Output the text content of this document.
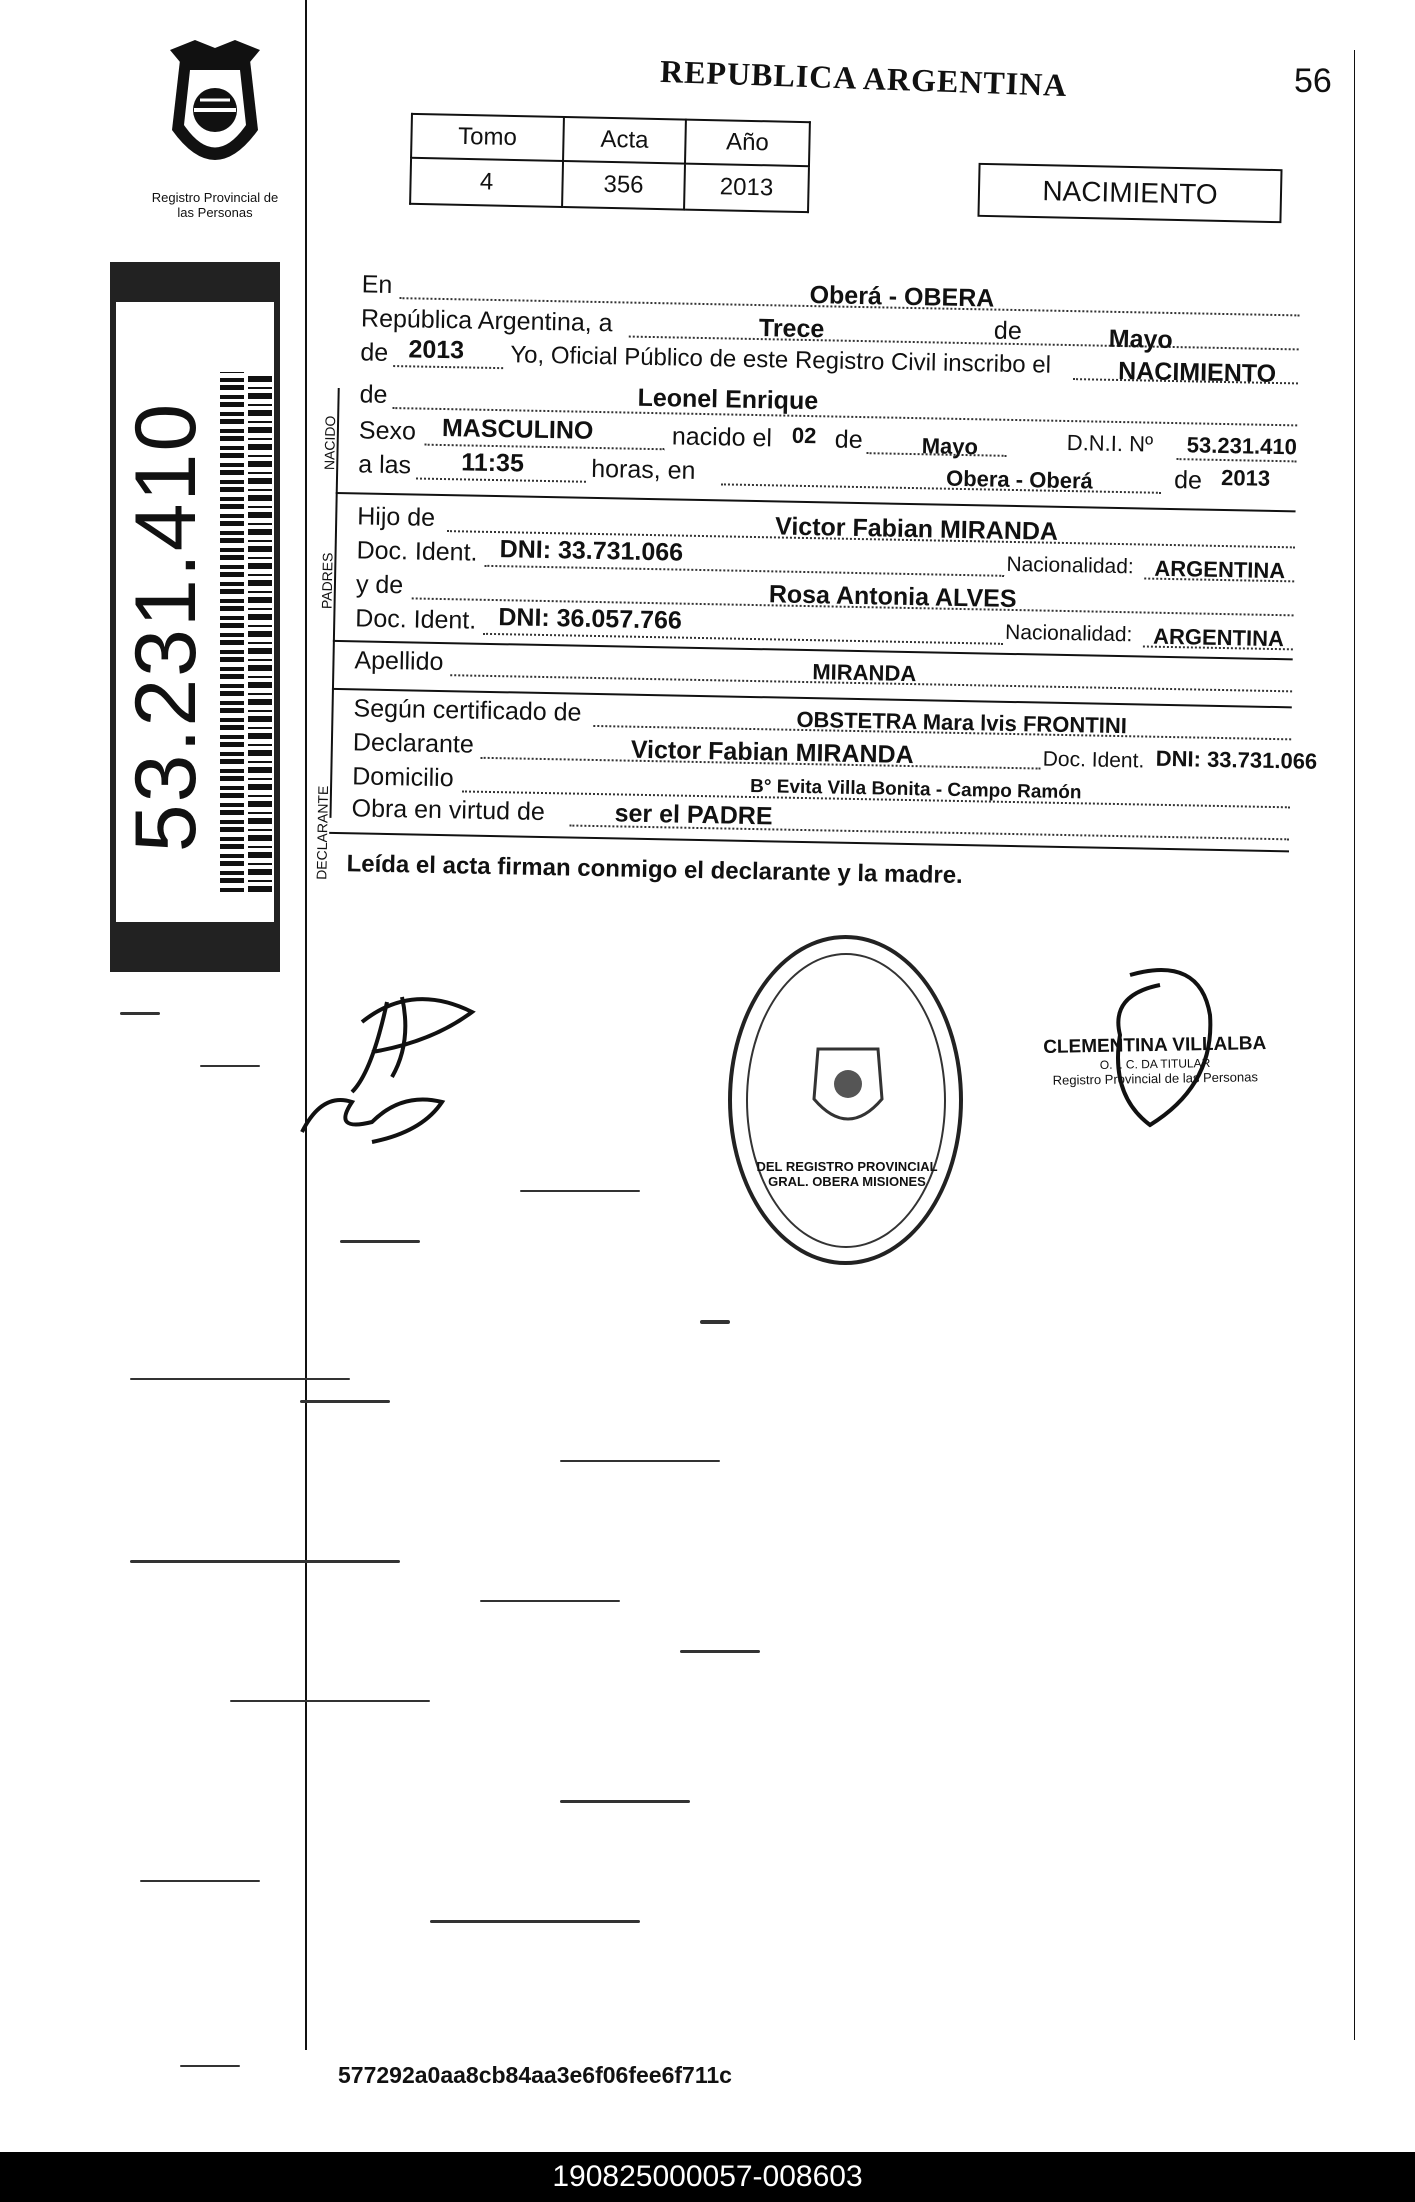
56
REPUBLICA ARGENTINA
Registro Provincial de las Personas
53.231.410
Tomo	Acta	Año
4	356	2013	NACIMIENTO
NACIDO
PADRES
DECLARANTE
En	Oberá - OBERA
República Argentina, a	Trece	de	Mayo
de 2013 Yo, Oficial Público de este Registro Civil inscribo el	NACIMIENTO
de	Leonel Enrique
Sexo MASCULINO	nacido el 02 de	Mayo	D.N.I. Nº 53.231.410
a las 11:35	horas, en	Obera - Oberá	de 2013
Hijo de	Victor Fabian MIRANDA
Doc. Ident. DNI: 33.731.066	Nacionalidad: ARGENTINA
y de	Rosa Antonia ALVES
Doc. Ident. DNI: 36.057.766	Nacionalidad: ARGENTINA
Apellido	MIRANDA
Según certificado de	OBSTETRA Mara lvis FRONTINI
Declarante	Victor Fabian MIRANDA	Doc. Ident. DNI: 33.731.066
Domicilio	B° Evita Villa Bonita - Campo Ramón
Obra en virtud de	ser el PADRE
Leída el acta firman conmigo el declarante y la madre.
DEL REGISTRO PROVINCIAL GRAL. OBERA MISIONES
CLEMENTINA VILLALBA
O. I. C. DA TITULAR
Registro Provincial de las Personas
577292a0aa8cb84aa3e6f06fee6f711c
190825000057-008603
